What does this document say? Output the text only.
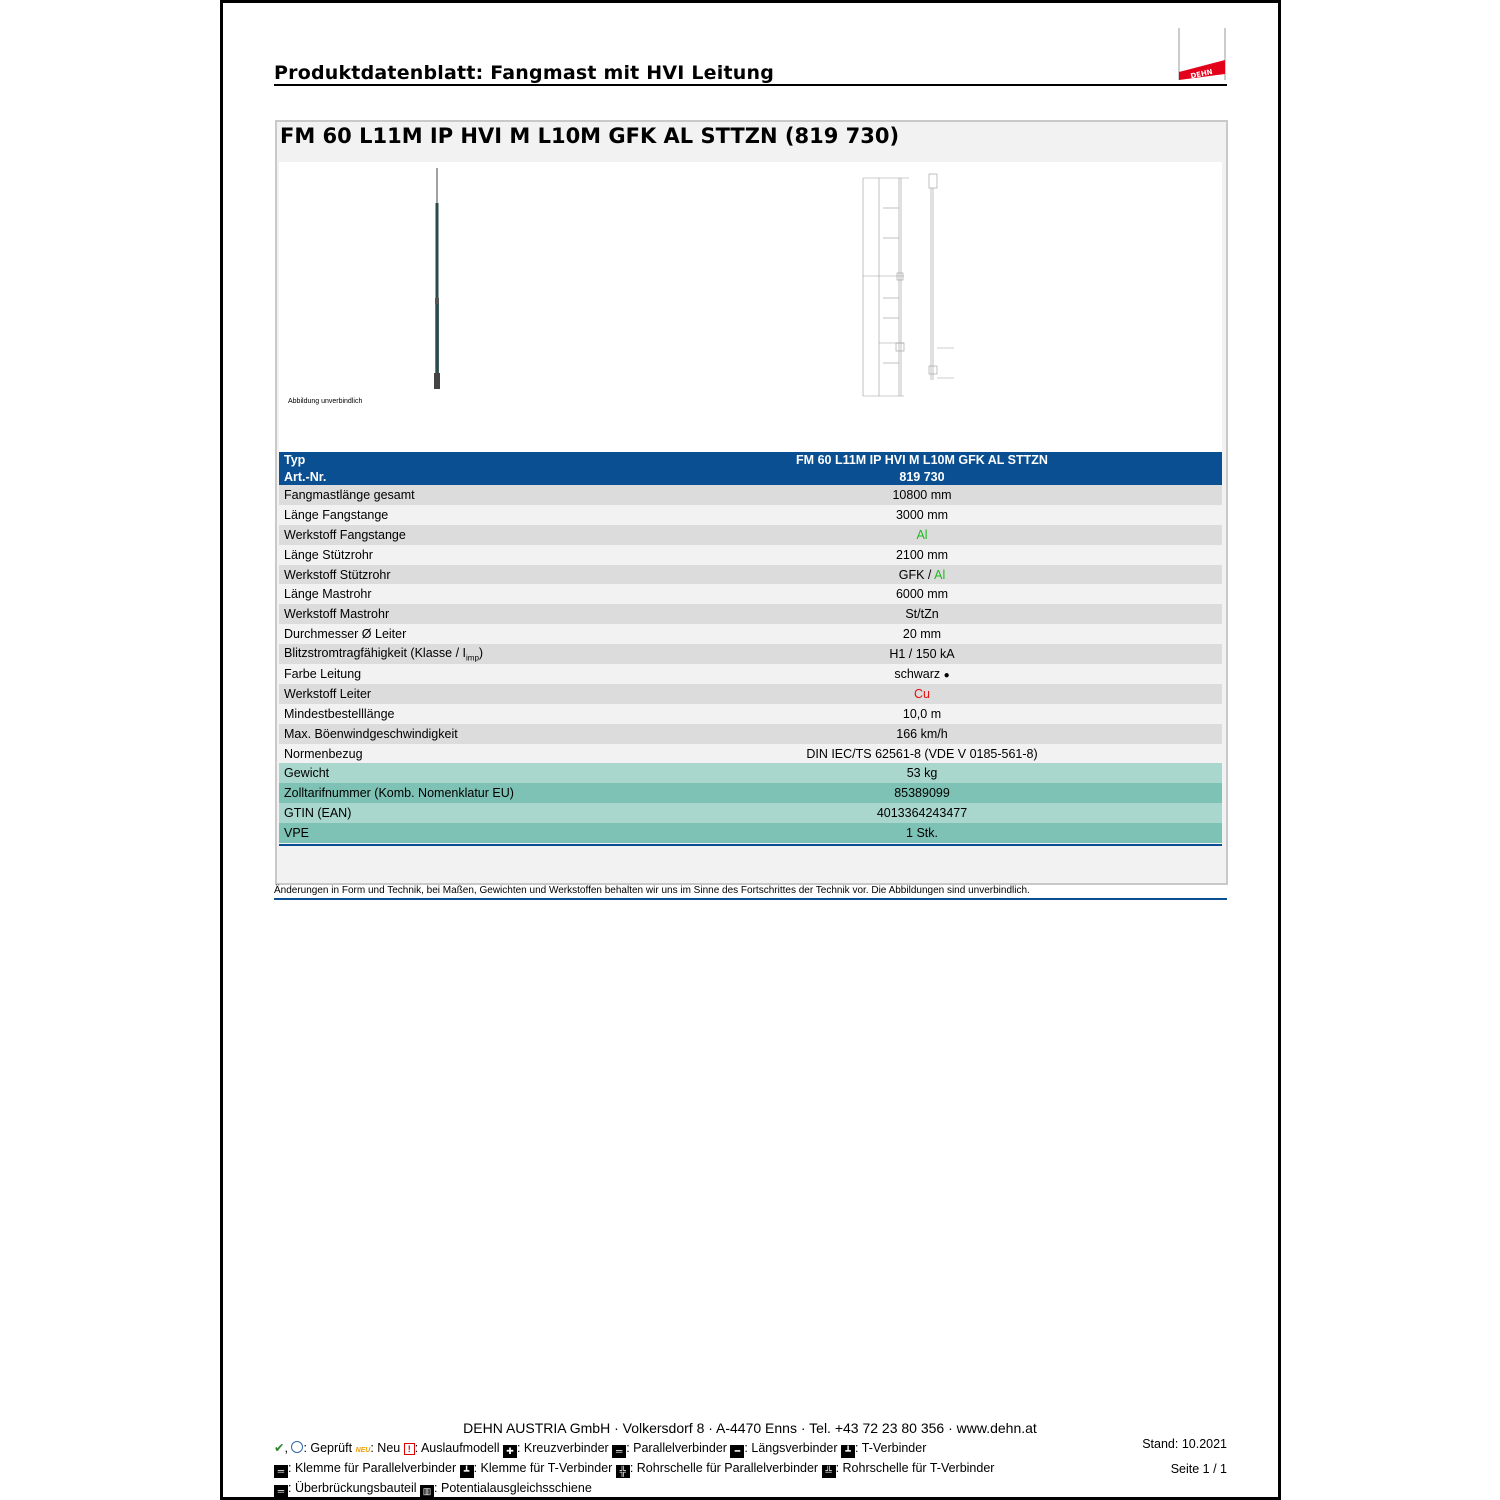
Produktdatenblatt: Fangmast mit HVI Leitung	DEHN
FM 60 L11M IP HVI M L10M GFK AL STTZN (819 730)
Abbildung unverbindlich
Typ	FM 60 L11M IP HVI M L10M GFK AL STTZN
Art.-Nr.	819 730
Fangmastlänge gesamt	10800 mm
Länge Fangstange	3000 mm
Werkstoff Fangstange	Al
Länge Stützrohr	2100 mm
Werkstoff Stützrohr	GFK / Al
Länge Mastrohr	6000 mm
Werkstoff Mastrohr	St/tZn
Durchmesser Ø Leiter	20 mm
Blitzstromtragfähigkeit (Klasse / $I_{imp}$)	H1 / 150 kA
Farbe Leitung	schwarz ●
Werkstoff Leiter	Cu
Mindestbestelllänge	10,0 m
Max. Böenwindgeschwindigkeit	166 km/h
Normenbezug	DIN IEC/TS 62561-8 (VDE V 0185-561-8)
Gewicht	53 kg
Zolltarifnummer (Komb. Nomenklatur EU)	85389099
GTIN (EAN)	4013364243477
VPE	1 Stk.
Änderungen in Form und Technik, bei Maßen, Gewichten und Werkstoffen behalten wir uns im Sinne des Fortschrittes der Technik vor. Die Abbildungen sind unverbindlich.
DEHN AUSTRIA GmbH · Volkersdorf 8 · A-4470 Enns · Tel. +43 72 23 80 356 · www.dehn.at
✔, : Geprüft NEU: Neu ! : Auslaufmodell ✚ : Kreuzverbinder ═ : Parallelverbinder ━ : Längsverbinder ┻ : T-Verbinder
═ : Klemme für Parallelverbinder ┻ : Klemme für T-Verbinder ╬ : Rohrschelle für Parallelverbinder ╩ : Rohrschelle für T-Verbinder
═ : Überbrückungsbauteil ▥ : Potentialausgleichsschiene
Stand: 10.2021
Seite 1 / 1
